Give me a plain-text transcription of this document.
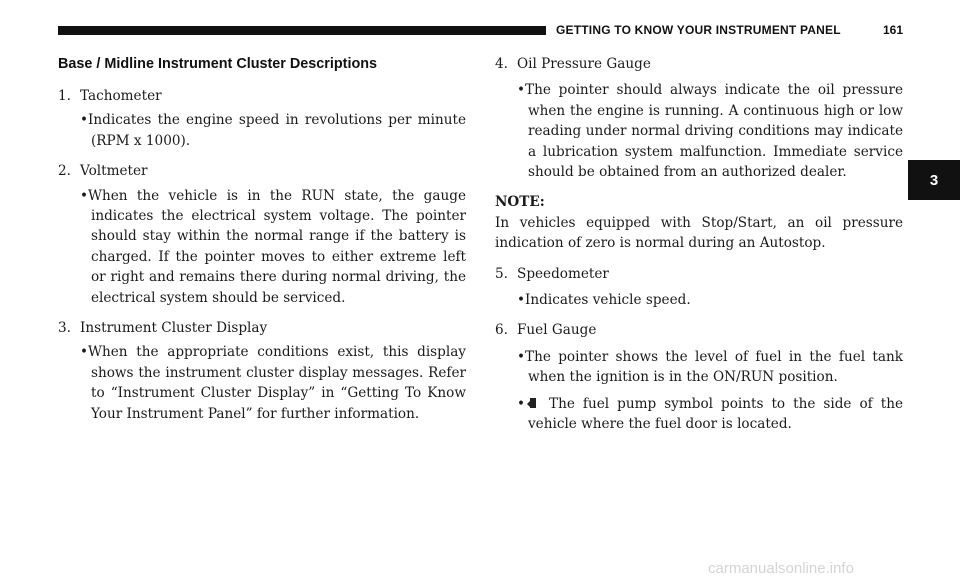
GETTING TO KNOW YOUR INSTRUMENT PANEL	161
3
Base / Midline Instrument Cluster Descriptions
1. Tachometer
•Indicates the engine speed in revolutions per minute (RPM x 1000).
2. Voltmeter
•When the vehicle is in the RUN state, the gauge indicates the electrical system voltage. The pointer should stay within the normal range if the battery is charged. If the pointer moves to either extreme left or right and remains there during normal driving, the electrical system should be serviced.
3. Instrument Cluster Display
•When the appropriate conditions exist, this display shows the instrument cluster display messages. Refer to “Instrument Cluster Display” in “Getting To Know Your Instrument Panel” for further information.
4. Oil Pressure Gauge
•The pointer should always indicate the oil pressure when the engine is running. A continuous high or low reading under normal driving conditions may indicate a lubrication system malfunction. Immediate service should be obtained from an authorized dealer.
NOTE:
In vehicles equipped with Stop/Start, an oil pressure indication of zero is normal during an Autostop.
5. Speedometer
•Indicates vehicle speed.
6. Fuel Gauge
•The pointer shows the level of fuel in the fuel tank when the ignition is in the ON/RUN position.
• The fuel pump symbol points to the side of the vehicle where the fuel door is located.
carmanualsonline.info
